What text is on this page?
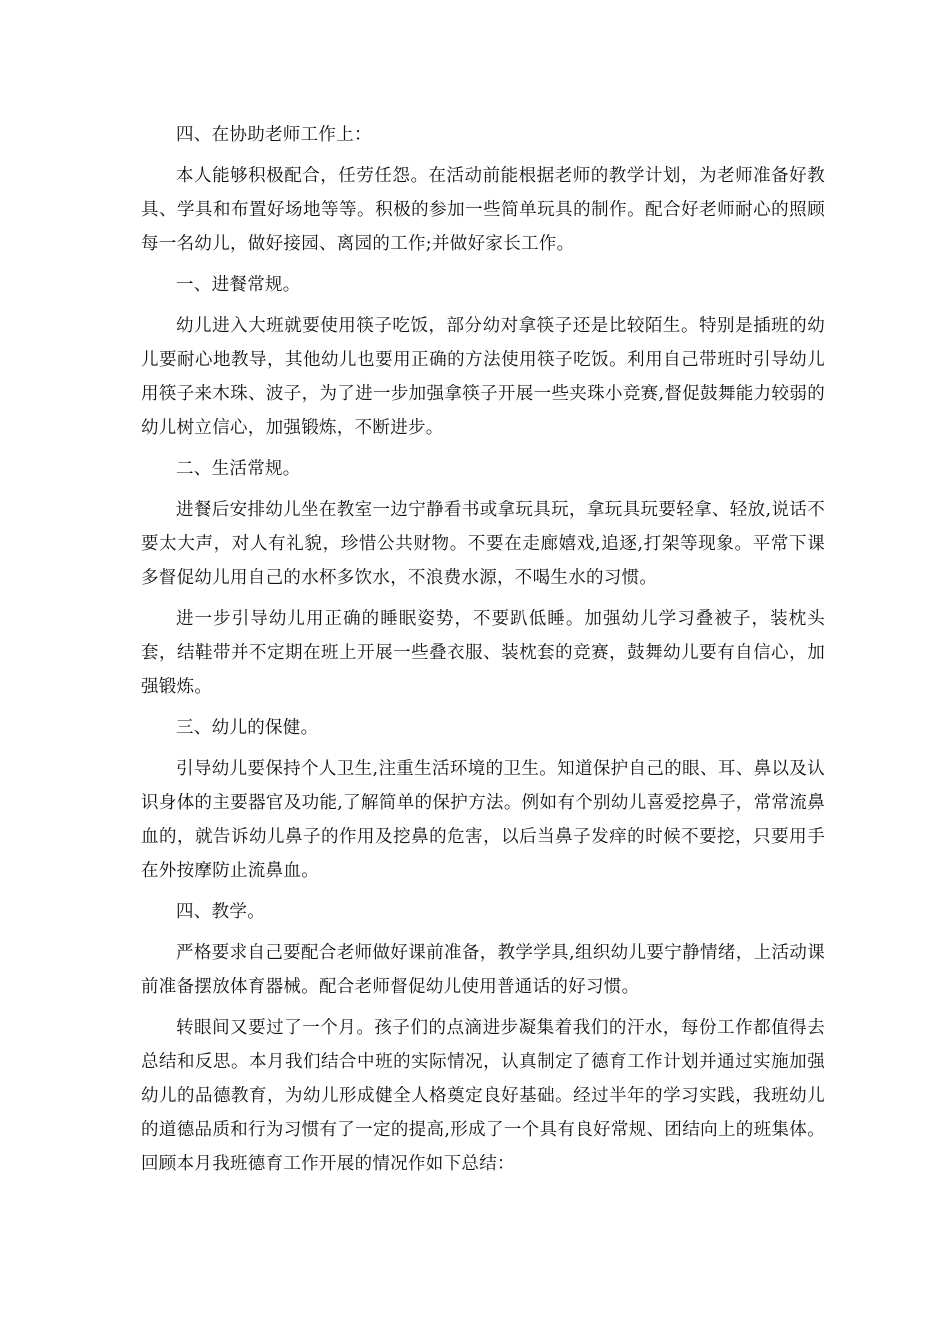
四、在协助老师工作上：

本人能够积极配合，任劳任怨。在活动前能根据老师的教学计划，为老师准备好教具、学具和布置好场地等等。积极的参加一些简单玩具的制作。配合好老师耐心的照顾每一名幼儿，做好接园、离园的工作;并做好家长工作。

一、进餐常规。

幼儿进入大班就要使用筷子吃饭，部分幼对拿筷子还是比较陌生。特别是插班的幼儿要耐心地教导，其他幼儿也要用正确的方法使用筷子吃饭。利用自己带班时引导幼儿用筷子来木珠、波子，为了进一步加强拿筷子开展一些夹珠小竞赛,督促鼓舞能力较弱的幼儿树立信心，加强锻炼，不断进步。

二、生活常规。

进餐后安排幼儿坐在教室一边宁静看书或拿玩具玩，拿玩具玩要轻拿、轻放,说话不要太大声，对人有礼貌，珍惜公共财物。不要在走廊嬉戏,追逐,打架等现象。平常下课多督促幼儿用自己的水杯多饮水，不浪费水源，不喝生水的习惯。

进一步引导幼儿用正确的睡眠姿势，不要趴低睡。加强幼儿学习叠被子，装枕头套，结鞋带并不定期在班上开展一些叠衣服、装枕套的竞赛，鼓舞幼儿要有自信心，加强锻炼。

三、幼儿的保健。

引导幼儿要保持个人卫生,注重生活环境的卫生。知道保护自己的眼、耳、鼻以及认识身体的主要器官及功能,了解简单的保护方法。例如有个别幼儿喜爱挖鼻子，常常流鼻血的，就告诉幼儿鼻子的作用及挖鼻的危害，以后当鼻子发痒的时候不要挖，只要用手在外按摩防止流鼻血。

四、教学。

严格要求自己要配合老师做好课前准备，教学学具,组织幼儿要宁静情绪，上活动课前准备摆放体育器械。配合老师督促幼儿使用普通话的好习惯。

转眼间又要过了一个月。孩子们的点滴进步凝集着我们的汗水，每份工作都值得去总结和反思。本月我们结合中班的实际情况，认真制定了德育工作计划并通过实施加强幼儿的品德教育，为幼儿形成健全人格奠定良好基础。经过半年的学习实践，我班幼儿的道德品质和行为习惯有了一定的提高,形成了一个具有良好常规、团结向上的班集体。回顾本月我班德育工作开展的情况作如下总结：
